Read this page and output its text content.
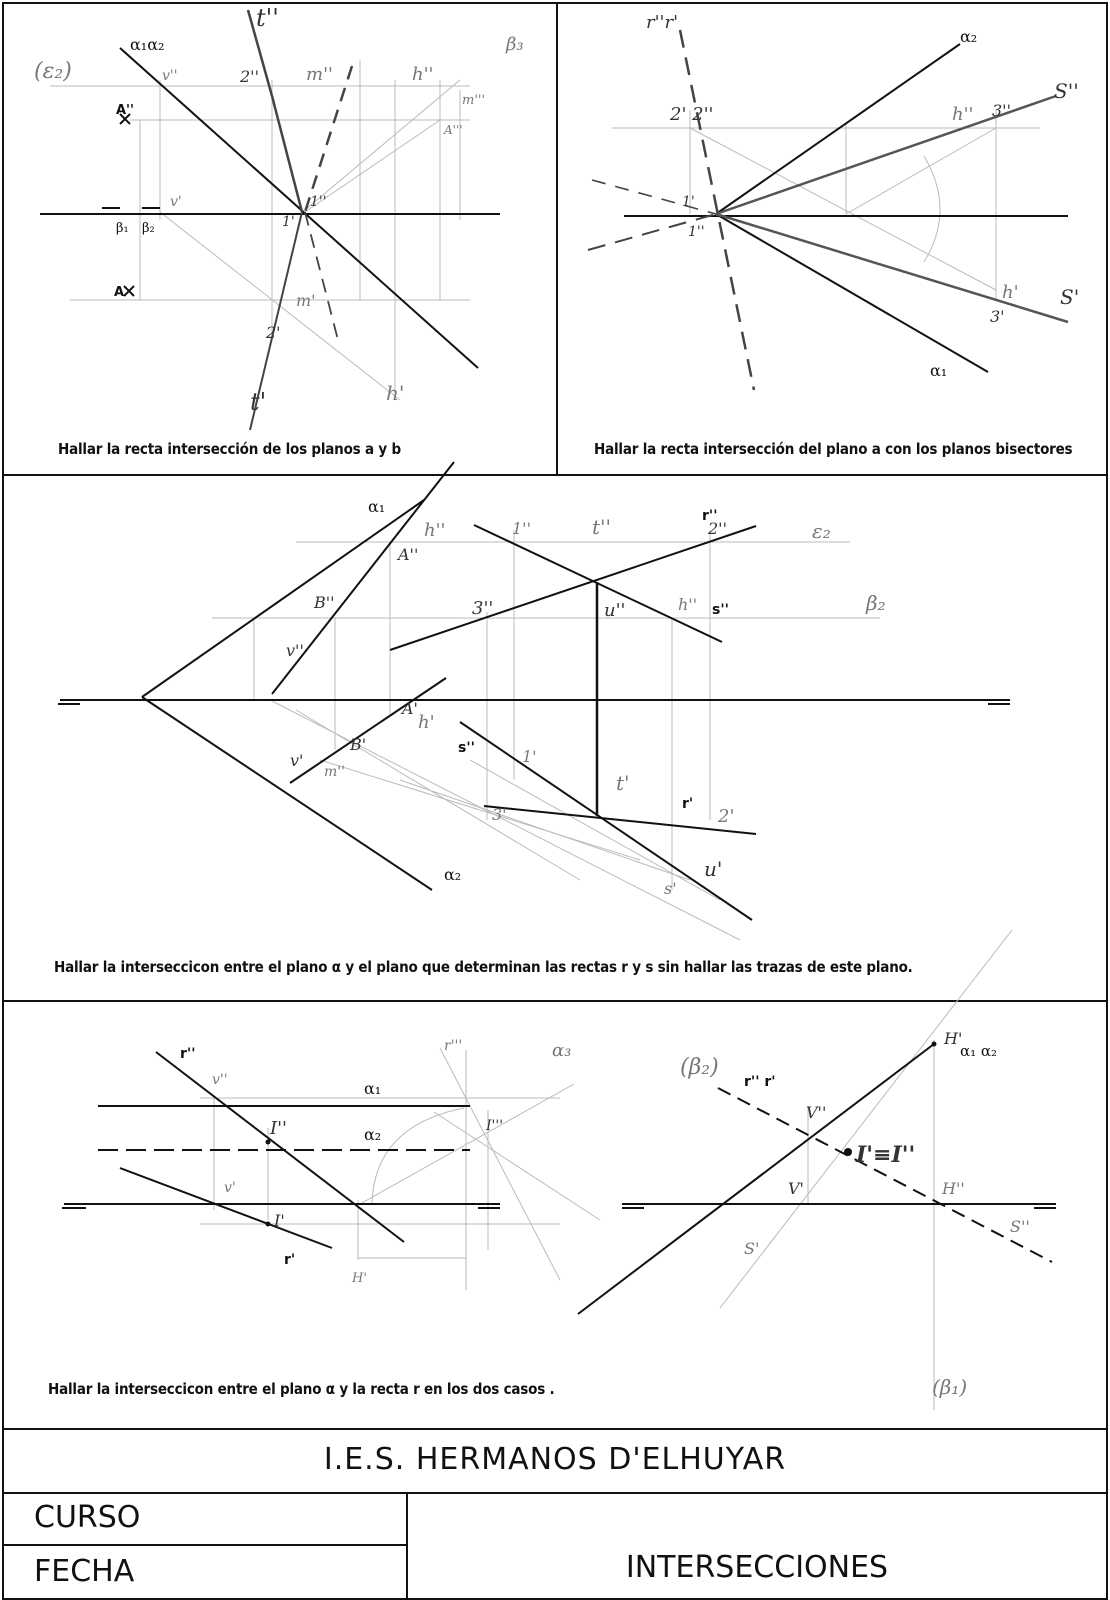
I.E.S. HERMANOS D'ELHUYAR
CURSO
FECHA	INTERSECCIONES
Hallar la recta intersección de los planos a y b	Hallar la recta intersección del plano a con los planos bisectores
Hallar la interseccicon entre el plano α y el plano que determinan las rectas r y s sin hallar las trazas de este plano.
Hallar la interseccicon entre el plano α y la recta r en los dos casos .
(ε₂)
α₁α₂	β₃
t''
t'
m''
m'
m'''
h''
h'
v''
v'
2''
2'
1''
1'
A''
A
A'''
β₁ β₂
r''r'
α₂
α₁
S''
S'
h''
h'
3''
3'
2' 2''
1'
1''
α₁
α₂
h''
h'
A''
A'
B''
B'
v''
v'
m''
1''
1'
t''
t'
r''
2''
2'
ε₂
β₂
3''
3'
u''
u'
s''
s''
h''
r'
s'
r''
r'
v''
v'
α₁
α₂
I''
I'
I'''
r'''	α₃
H'
(β₂)
r'' r'
H'
α₁ α₂
V''
V'
I'≡I''
H''
S''
S'
(β₁)
